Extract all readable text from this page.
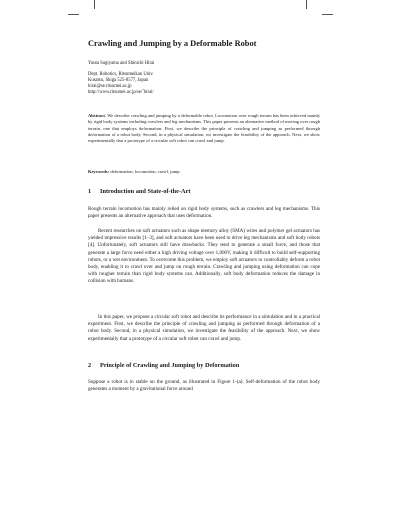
Crawling and Jumping by a Deformable Robot
Yuuta Sugiyama and Shinichi Hirai
Dept. Robotics, Ritsumeikan Univ.
Kusatsu, Shiga 525-8577, Japan
hirai@se.ritsumei.ac.jp
http://www.ritsumei.ac.jp/se/˜hirai/
Abstract. We describe crawling and jumping by a deformable robot. Locomotion over rough terrain has been achieved mainly by rigid body systems including crawlers and leg mechanisms. This paper presents an alternative method of moving over rough terrain, one that employs deformation. First, we describe the principle of crawling and jumping as performed through deformation of a robot body. Second, in a physical simulation, we investigate the feasibility of the approach. Next, we show experimentally that a prototype of a circular soft robot can crawl and jump.
Keywords: deformation, locomotion, crawl, jump
1 Introduction and State-of-the-Art
Rough terrain locomotion has mainly relied on rigid body systems, such as crawlers and leg mechanisms. This paper presents an alternative approach that uses deformation.
Recent researches on soft actuators such as shape memory alloy (SMA) wires and polymer gel actuators has yielded impressive results [1–3], and soft actuators have been used to drive leg mechanisms and soft body robots [4]. Unfortunately, soft actuators still have drawbacks. They tend to generate a small force, and those that generate a large force need either a high driving voltage over 1,000V, making it difficult to build self-supporting robots, or a wet environment. To overcome this problem, we employ soft actuators to controllably deform a robot body, enabling it to crawl over and jump on rough terrain. Crawling and jumping using deformation can cope with rougher terrain than rigid body systems can. Additionally, soft body deformation reduces the damage in collision with humans.
In this paper, we propose a circular soft robot and describe its performance in a simulation and in a practical experiment. First, we describe the principle of crawling and jumping as performed through deformation of a robot body. Second, in a physical simulation, we investigate the feasibility of the approach. Next, we show experimentally that a prototype of a circular soft robot can crawl and jump.
2 Principle of Crawling and Jumping by Deformation
Suppose a robot is in stable on the ground, as illustrated in Figure 1-(a). Self-deformation of the robot body generates a moment by a gravitational force around
